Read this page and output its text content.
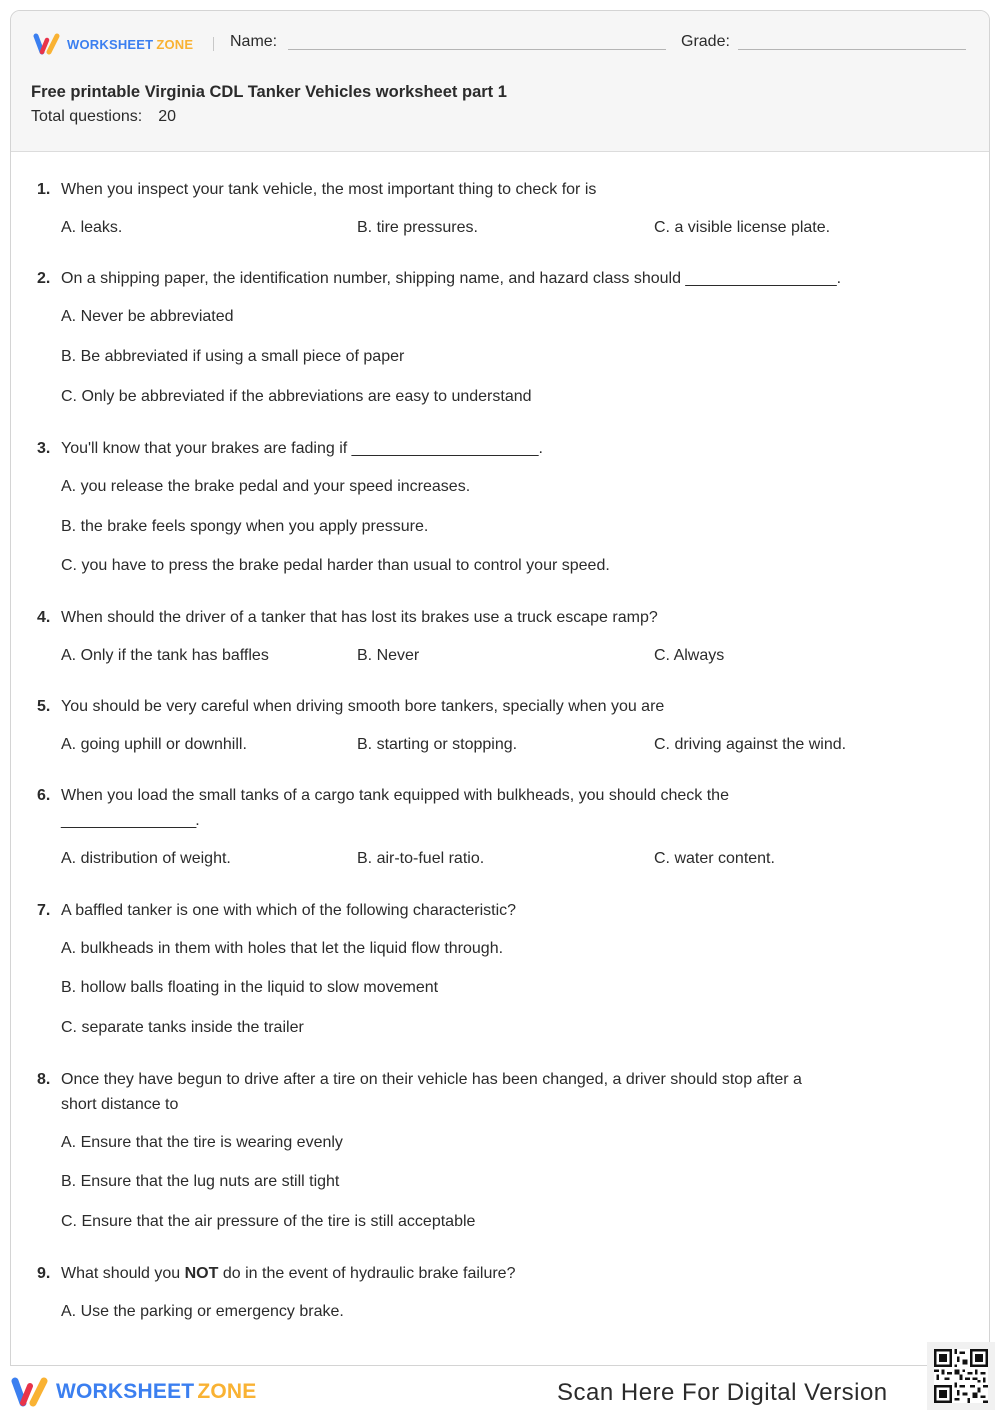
WORKSHEET ZONE Name:	Grade:
Free printable Virginia CDL Tanker Vehicles worksheet part 1
Total questions: 20
1. When you inspect your tank vehicle, the most important thing to check for is
A. leaks.	B. tire pressures.	C. a visible license plate.
2. On a shipping paper, the identification number, shipping name, and hazard class should _________________.
A. Never be abbreviated
B. Be abbreviated if using a small piece of paper
C. Only be abbreviated if the abbreviations are easy to understand
3. You'll know that your brakes are fading if _____________________.
A. you release the brake pedal and your speed increases.
B. the brake feels spongy when you apply pressure.
C. you have to press the brake pedal harder than usual to control your speed.
4. When should the driver of a tanker that has lost its brakes use a truck escape ramp?
A. Only if the tank has baffles	B. Never	C. Always
5. You should be very careful when driving smooth bore tankers, specially when you are
A. going uphill or downhill.	B. starting or stopping.	C. driving against the wind.
6. When you load the small tanks of a cargo tank equipped with bulkheads, you should check the
_________________.
A. distribution of weight.	B. air-to-fuel ratio.	C. water content.
7. A baffled tanker is one with which of the following characteristic?
A. bulkheads in them with holes that let the liquid flow through.
B. hollow balls floating in the liquid to slow movement
C. separate tanks inside the trailer
8. Once they have begun to drive after a tire on their vehicle has been changed, a driver should stop after a
short distance to
A. Ensure that the tire is wearing evenly
B. Ensure that the lug nuts are still tight
C. Ensure that the air pressure of the tire is still acceptable
9. What should you NOT do in the event of hydraulic brake failure?
A. Use the parking or emergency brake.
WORKSHEET ZONE	Scan Here For Digital Version
